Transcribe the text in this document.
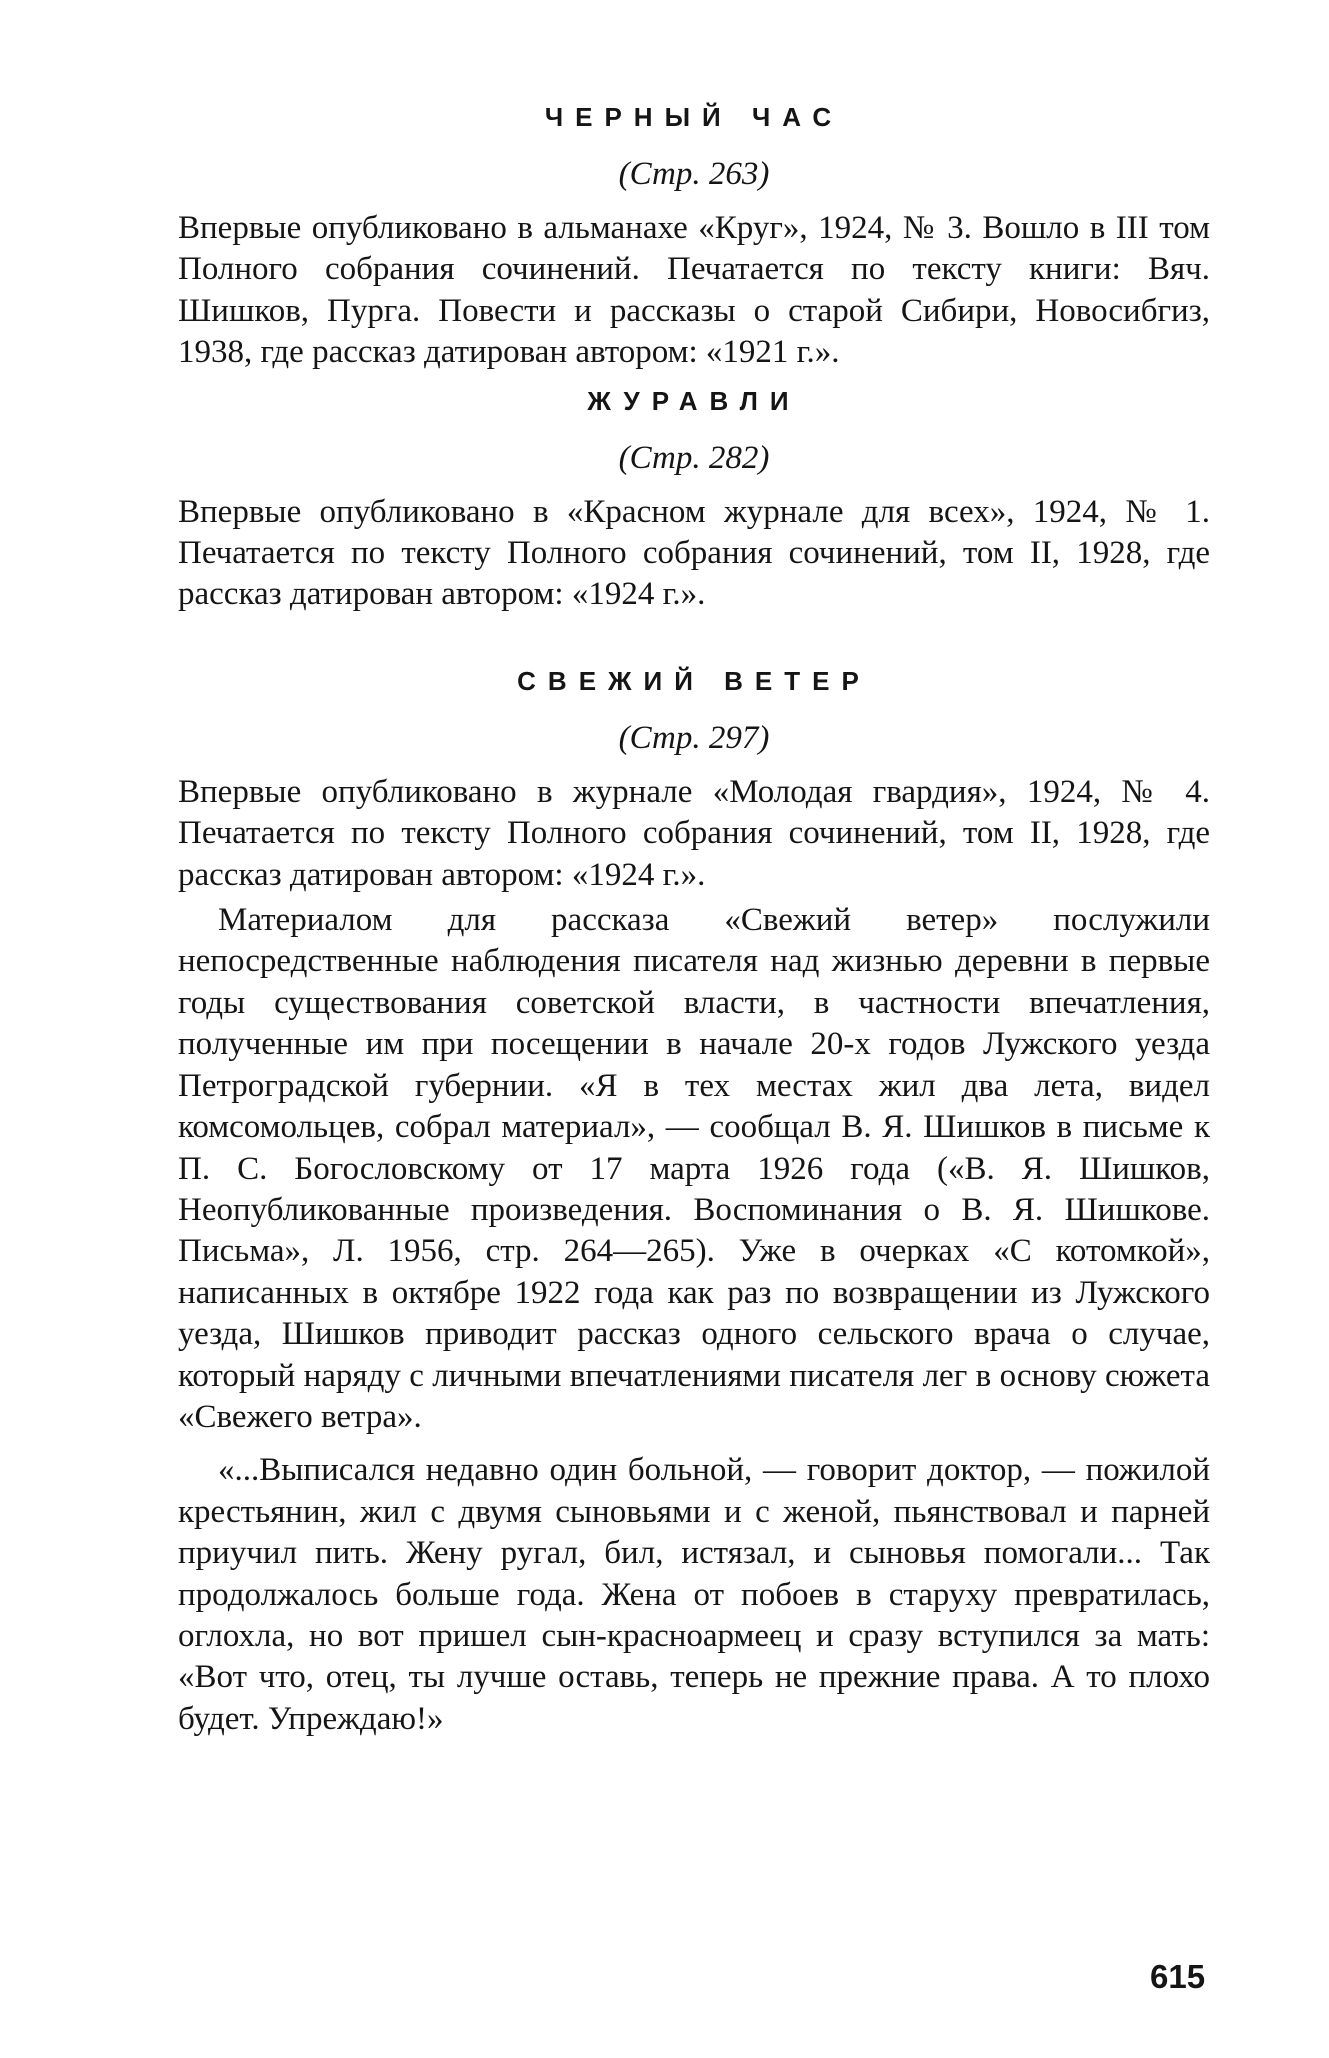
ЧЕРНЫЙ ЧАС
(Стр. 263)

Впервые опубликовано в альманахе «Круг», 1924, № 3. Вошло в III том Полного собрания сочинений. Печатается по тексту книги: Вяч. Шишков, Пурга. Повести и рассказы о старой Сибири, Новосибгиз, 1938, где рассказ датирован автором: «1921 г.».

ЖУРАВЛИ
(Стр. 282)

Впервые опубликовано в «Красном журнале для всех», 1924, № 1. Печатается по тексту Полного собрания сочинений, том II, 1928, где рассказ датирован автором: «1924 г.».

СВЕЖИЙ ВЕТЕР
(Стр. 297)

Впервые опубликовано в журнале «Молодая гвардия», 1924, № 4. Печатается по тексту Полного собрания сочинений, том II, 1928, где рассказ датирован автором: «1924 г.».

Материалом для рассказа «Свежий ветер» послужили непосредственные наблюдения писателя над жизнью деревни в первые годы существования советской власти, в частности впечатления, полученные им при посещении в начале 20-х годов Лужского уезда Петроградской губернии. «Я в тех местах жил два лета, видел комсомольцев, собрал материал», — сообщал В. Я. Шишков в письме к П. С. Богословскому от 17 марта 1926 года («В. Я. Шишков, Неопубликованные произведения. Воспоминания о В. Я. Шишкове. Письма», Л. 1956, стр. 264—265). Уже в очерках «С котомкой», написанных в октябре 1922 года как раз по возвращении из Лужского уезда, Шишков приводит рассказ одного сельского врача о случае, который наряду с личными впечатлениями писателя лег в основу сюжета «Свежего ветра».

«...Выписался недавно один больной, — говорит доктор, — пожилой крестьянин, жил с двумя сыновьями и с женой, пьянствовал и парней приучил пить. Жену ругал, бил, истязал, и сыновья помогали... Так продолжалось больше года. Жена от побоев в старуху превратилась, оглохла, но вот пришел сын-красноармеец и сразу вступился за мать: «Вот что, отец, ты лучше оставь, теперь не прежние права. А то плохо будет. Упреждаю!»

615
